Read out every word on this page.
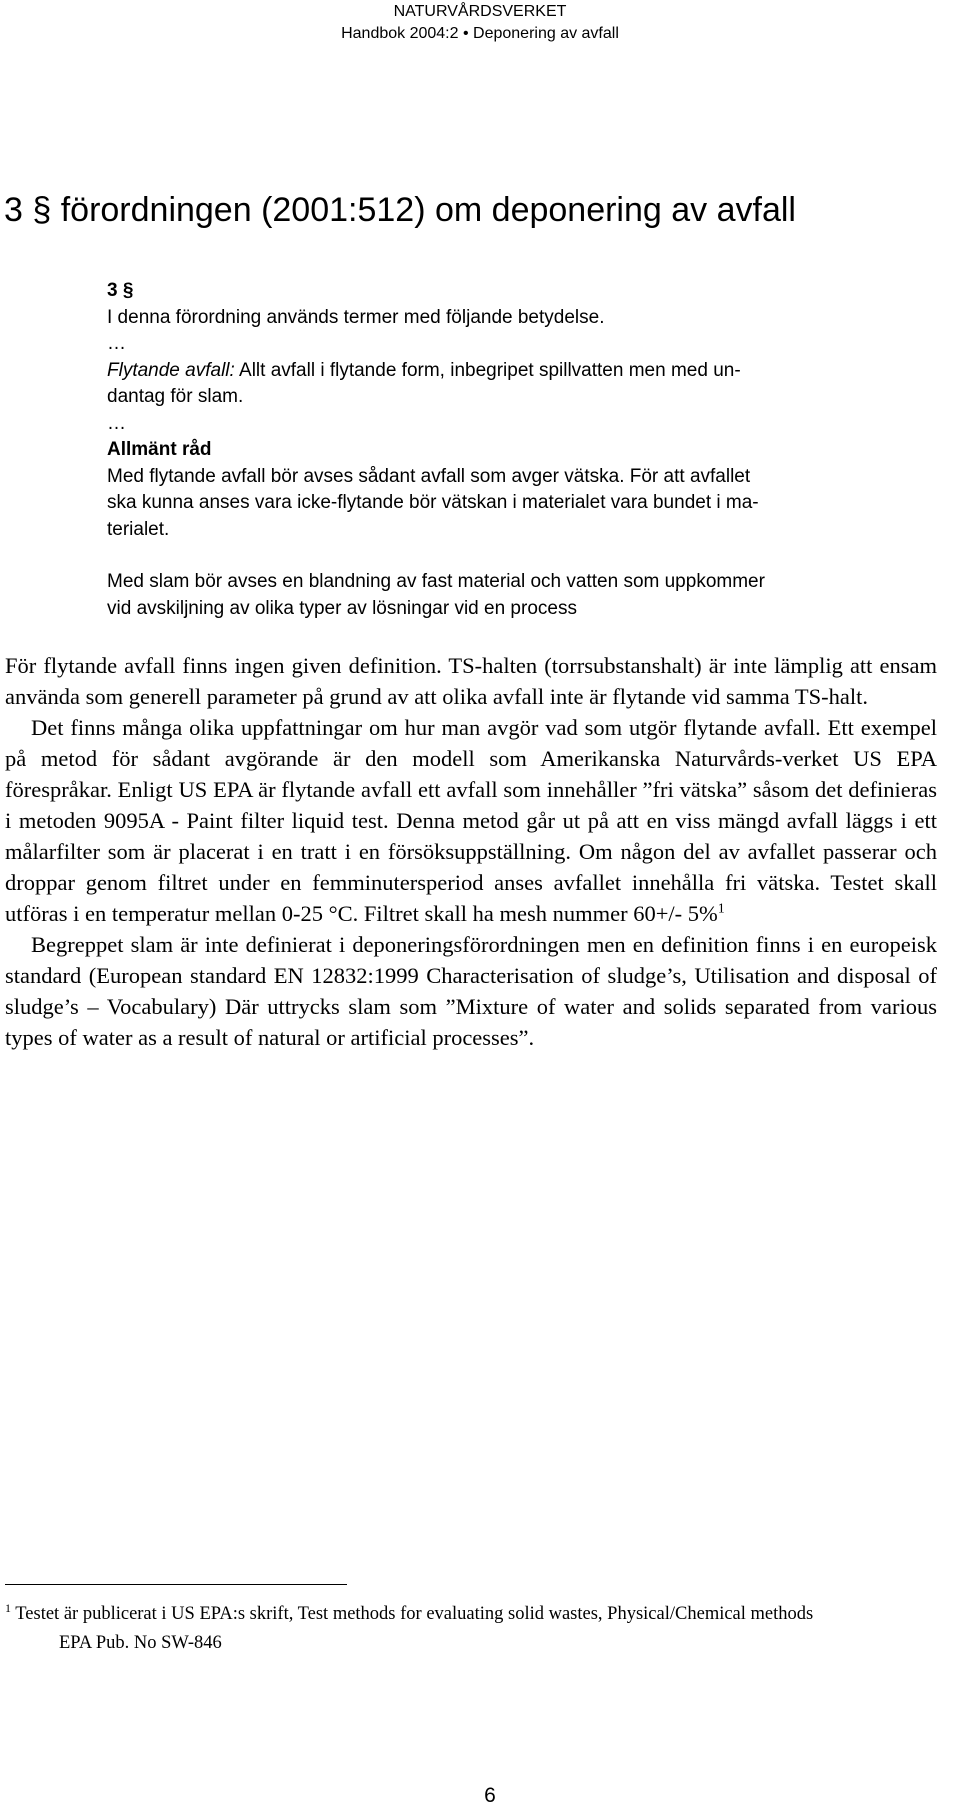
NATURVÅRDSVERKET
Handbok 2004:2 • Deponering av avfall
3 § förordningen (2001:512) om deponering av avfall
3 §
I denna förordning används termer med följande betydelse.
…
Flytande avfall: Allt avfall i flytande form, inbegripet spillvatten men med un-
dantag för slam.
…
Allmänt råd
Med flytande avfall bör avses sådant avfall som avger vätska. För att avfallet
ska kunna anses vara icke-flytande bör vätskan i materialet vara bundet i ma-
terialet.
Med slam bör avses en blandning av fast material och vatten som uppkommer
vid avskiljning av olika typer av lösningar vid en process

För flytande avfall finns ingen given definition. TS-halten (torrsubstanshalt) är inte lämplig att ensam använda som generell parameter på grund av att olika avfall inte är flytande vid samma TS-halt.

Det finns många olika uppfattningar om hur man avgör vad som utgör flytande avfall. Ett exempel på metod för sådant avgörande är den modell som Amerikanska Naturvårds-verket US EPA förespråkar. Enligt US EPA är flytande avfall ett avfall som innehåller ”fri vätska” såsom det definieras i metoden 9095A - Paint filter liquid test. Denna metod går ut på att en viss mängd avfall läggs i ett målarfilter som är placerat i en tratt i en försöksuppställning. Om någon del av avfallet passerar och droppar genom filtret under en femminutersperiod anses avfallet innehålla fri vätska. Testet skall utföras i en temperatur mellan 0-25 °C. Filtret skall ha mesh nummer 60+/- 5%$^1$

Begreppet slam är inte definierat i deponeringsförordningen men en definition finns i en europeisk standard (European standard EN 12832:1999 Characterisation of sludge’s, Utilisation and disposal of sludge’s – Vocabulary) Där uttrycks slam som ”Mixture of water and solids separated from various types of water as a result of natural or artificial processes”.

$^1$ Testet är publicerat i US EPA:s skrift, Test methods for evaluating solid wastes, Physical/Chemical methods

EPA Pub. No SW-846

6
